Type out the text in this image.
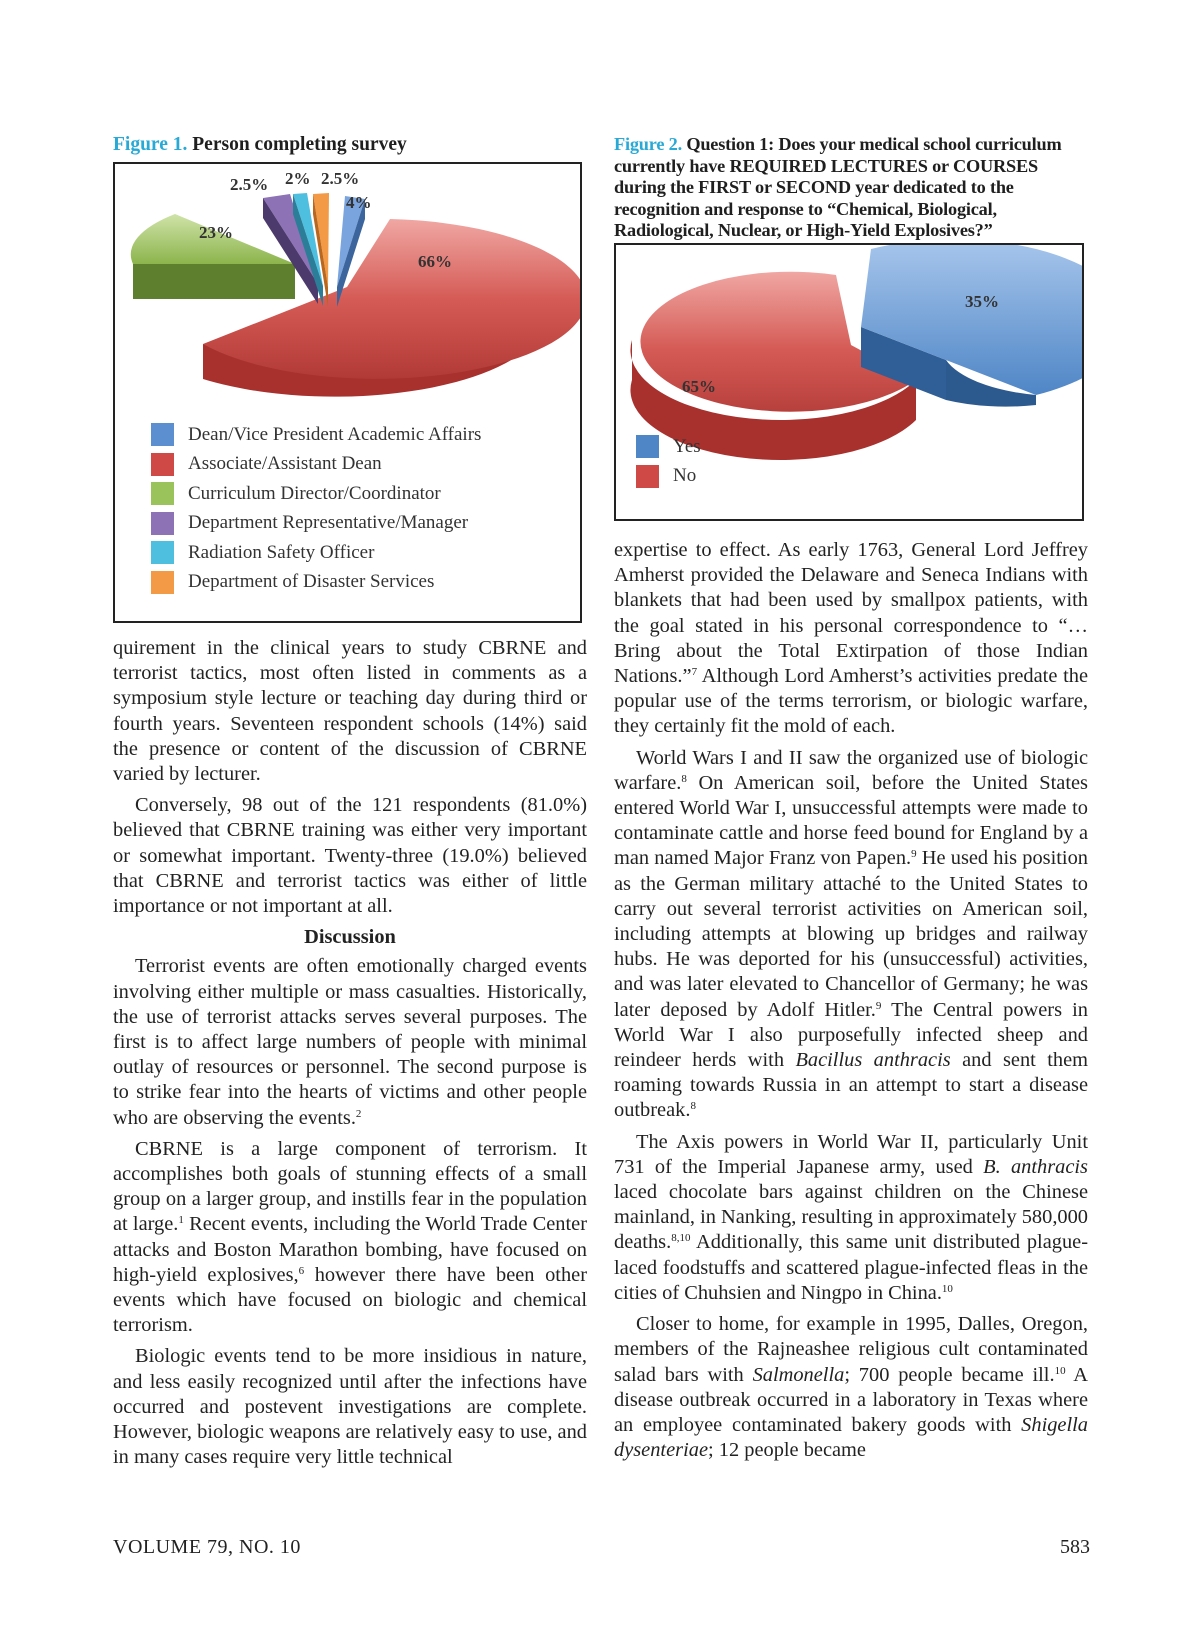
Figure 1. Person completing survey
2.5% 2% 2.5%
4%
23%
66%
Dean/Vice President Academic Affairs
Associate/Assistant Dean
Curriculum Director/Coordinator
Department Representative/Manager
Radiation Safety Officer
Department of Disaster Services
Figure 2. Question 1: Does your medical school curriculum
currently have REQUIRED LECTURES or COURSES
during the FIRST or SECOND year dedicated to the
recognition and response to “Chemical, Biological,
Radiological, Nuclear, or High-Yield Explosives?”
35%
65%
Yes
No

quirement in the clinical years to study CBRNE and terrorist tactics, most often listed in comments as a symposium style lecture or teaching day during third or fourth years. Seventeen respondent schools (14%) said the presence or content of the discussion of CBRNE varied by lecturer.

Conversely, 98 out of the 121 respondents (81.0%) believed that CBRNE training was either very important or somewhat important. Twenty-three (19.0%) believed that CBRNE and terrorist tactics was either of little importance or not important at all.

Discussion

Terrorist events are often emotionally charged events involving either multiple or mass casualties. Historically, the use of terrorist attacks serves several purposes. The first is to affect large numbers of people with minimal outlay of resources or personnel. The second purpose is to strike fear into the hearts of victims and other people who are observing the events.$^2$

CBRNE is a large component of terrorism. It accomplishes both goals of stunning effects of a small group on a larger group, and instills fear in the population at large.$^1$ Recent events, including the World Trade Center attacks and Boston Marathon bombing, have focused on high-yield explosives,$^6$ however there have been other events which have focused on biologic and chemical terrorism.

Biologic events tend to be more insidious in nature, and less easily recognized until after the infections have occurred and postevent investigations are complete. However, biologic weapons are relatively easy to use, and in many cases require very little technical

expertise to effect. As early 1763, General Lord Jeffrey Amherst provided the Delaware and Seneca Indians with blankets that had been used by smallpox patients, with the goal stated in his personal correspondence to “…Bring about the Total Extirpation of those Indian Nations.”$^7$ Although Lord Amherst’s activities predate the popular use of the terms terrorism, or biologic warfare, they certainly fit the mold of each.

World Wars I and II saw the organized use of biologic warfare.$^8$ On American soil, before the United States entered World War I, unsuccessful attempts were made to contaminate cattle and horse feed bound for England by a man named Major Franz von Papen.$^9$ He used his position as the German military attaché to the United States to carry out several terrorist activities on American soil, including attempts at blowing up bridges and railway hubs. He was deported for his (unsuccessful) activities, and was later elevated to Chancellor of Germany; he was later deposed by Adolf Hitler.$^9$ The Central powers in World War I also purposefully infected sheep and reindeer herds with Bacillus anthracis and sent them roaming towards Russia in an attempt to start a disease outbreak.$^8$

The Axis powers in World War II, particularly Unit 731 of the Imperial Japanese army, used B. anthracis laced chocolate bars against children on the Chinese mainland, in Nanking, resulting in approximately 580,000 deaths.$^{8,10}$ Additionally, this same unit distributed plague-laced foodstuffs and scattered plague-infected fleas in the cities of Chuhsien and Ningpo in China.$^{10}$

Closer to home, for example in 1995, Dalles, Oregon, members of the Rajneashee religious cult contaminated salad bars with Salmonella; 700 people became ill.$^{10}$ A disease outbreak occurred in a laboratory in Texas where an employee contaminated bakery goods with Shigella dysenteriae; 12 people became

VOLUME 79, NO. 10	583
